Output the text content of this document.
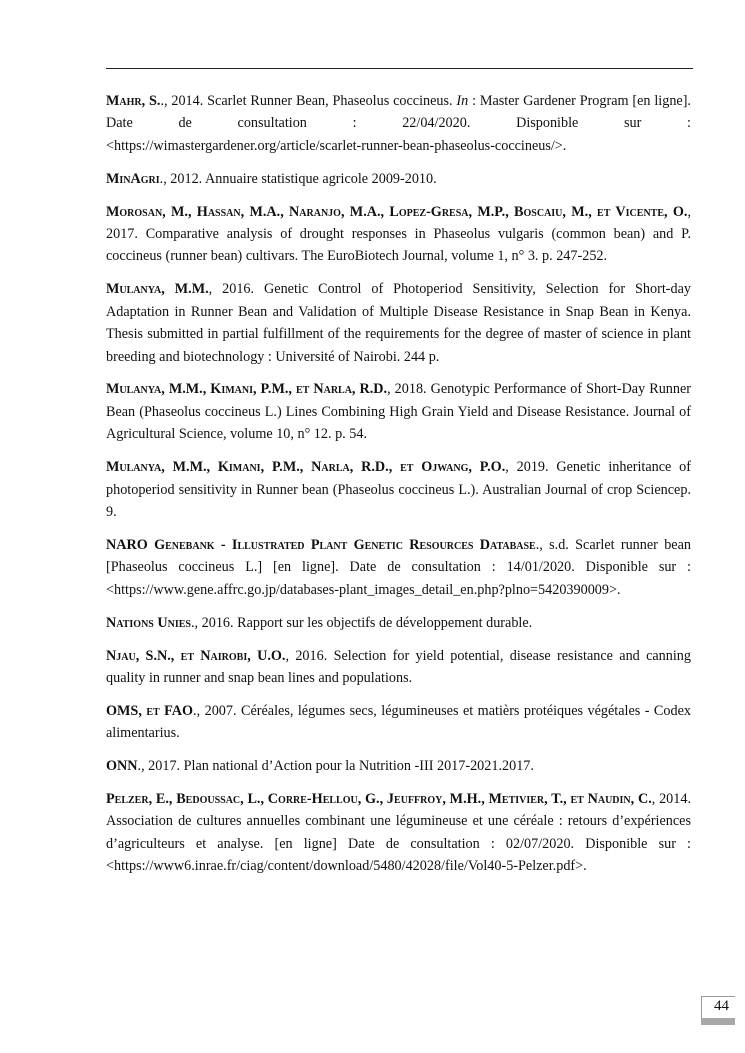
Mahr, S.., 2014. Scarlet Runner Bean, Phaseolus coccineus. In : Master Gardener Program [en ligne]. Date de consultation : 22/04/2020. Disponible sur : <https://wimastergardener.org/article/scarlet-runner-bean-phaseolus-coccineus/>.

MinAgri., 2012. Annuaire statistique agricole 2009-2010.

Morosan, M., Hassan, M.A., Naranjo, M.A., Lopez-Gresa, M.P., Boscaiu, M., et Vicente, O., 2017. Comparative analysis of drought responses in Phaseolus vulgaris (common bean) and P. coccineus (runner bean) cultivars. The EuroBiotech Journal, volume 1, n° 3. p. 247-252.

Mulanya, M.M., 2016. Genetic Control of Photoperiod Sensitivity, Selection for Short-day Adaptation in Runner Bean and Validation of Multiple Disease Resistance in Snap Bean in Kenya. Thesis submitted in partial fulfillment of the requirements for the degree of master of science in plant breeding and biotechnology : Université of Nairobi. 244 p.

Mulanya, M.M., Kimani, P.M., et Narla, R.D., 2018. Genotypic Performance of Short-Day Runner Bean (Phaseolus coccineus L.) Lines Combining High Grain Yield and Disease Resistance. Journal of Agricultural Science, volume 10, n° 12. p. 54.

Mulanya, M.M., Kimani, P.M., Narla, R.D., et Ojwang, P.O., 2019. Genetic inheritance of photoperiod sensitivity in Runner bean (Phaseolus coccineus L.). Australian Journal of crop Sciencep. 9.

NARO Genebank - Illustrated Plant Genetic Resources Database., s.d. Scarlet runner bean [Phaseolus coccineus L.] [en ligne]. Date de consultation : 14/01/2020. Disponible sur : <https://www.gene.affrc.go.jp/databases-plant_images_detail_en.php?plno=5420390009>.

Nations Unies., 2016. Rapport sur les objectifs de développement durable.

Njau, S.N., et Nairobi, U.O., 2016. Selection for yield potential, disease resistance and canning quality in runner and snap bean lines and populations.

OMS, et FAO., 2007. Céréales, légumes secs, légumineuses et matièrs protéiques végétales - Codex alimentarius.

ONN., 2017. Plan national d’Action pour la Nutrition -III 2017-2021.2017.

Pelzer, E., Bedoussac, L., Corre-Hellou, G., Jeuffroy, M.H., Metivier, T., et Naudin, C., 2014. Association de cultures annuelles combinant une légumineuse et une céréale : retours d’expériences d’agriculteurs et analyse. [en ligne] Date de consultation : 02/07/2020. Disponible sur : <https://www6.inrae.fr/ciag/content/download/5480/42028/file/Vol40-5-Pelzer.pdf>.

44
